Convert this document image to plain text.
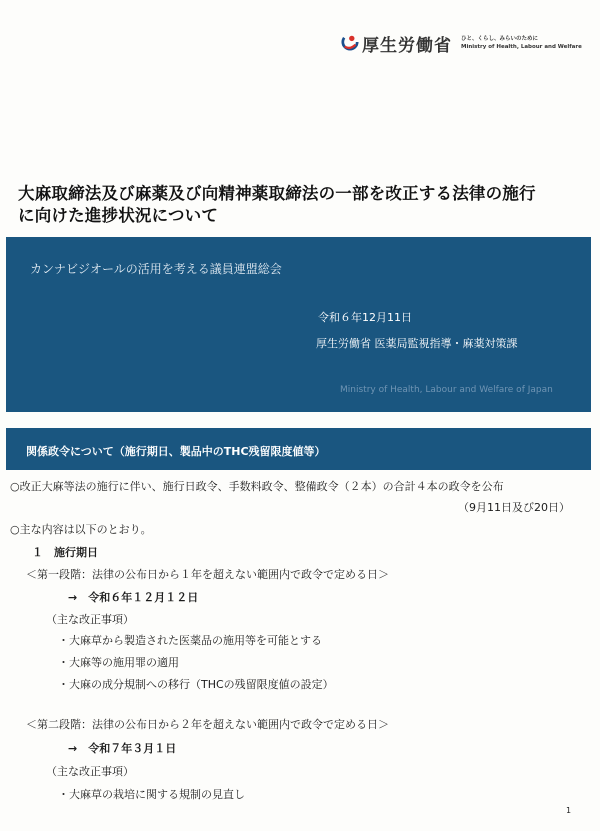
厚生労働省 ひと、くらし、みらいのために
Ministry of Health, Labour and Welfare
大麻取締法及び麻薬及び向精神薬取締法の一部を改正する法律の施行
に向けた進捗状況について
カンナビジオールの活用を考える議員連盟総会
令和６年12月11日
厚生労働省 医薬局監視指導・麻薬対策課
Ministry of Health, Labour and Welfare of Japan
関係政令について（施行期日、製品中のTHC残留限度値等）
○改正大麻等法の施行に伴い、施行日政令、手数料政令、整備政令（２本）の合計４本の政令を公布
（9月11日及び20日）
○主な内容は以下のとおり。
１　施行期日
＜第一段階：法律の公布日から１年を超えない範囲内で政令で定める日＞
→　令和６年１２月１２日
（主な改正事項）
・大麻草から製造された医薬品の施用等を可能とする
・大麻等の施用罪の適用
・大麻の成分規制への移行（THCの残留限度値の設定）
＜第二段階：法律の公布日から２年を超えない範囲内で政令で定める日＞
→　令和７年３月１日
（主な改正事項）
・大麻草の栽培に関する規制の見直し
1
